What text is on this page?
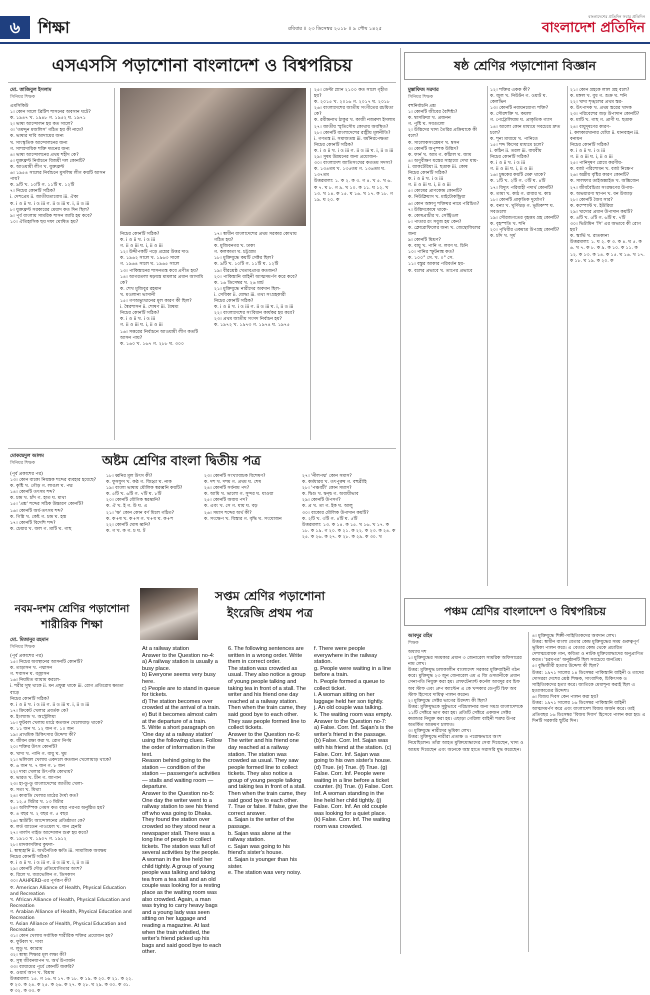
৬	শিক্ষা	রবিবার ॥ ২৩ ডিসেম্বর ২০১৮ ॥ ৯ পৌষ ১৪২৫
বাংলাদেশের প্রতিদিন সবার প্রতিদিন
বাংলাদেশ প্রতিদিন
এসএসসি পড়াশোনা বাংলাদেশ ও বিশ্বপরিচয়
মো. তাজিবুল ইসলাম
সিনিয়র শিক্ষক
এমসিকিউ
১। কোন সালে ব্রিটিশ শাসনের অবসান ঘটে?
ক. ১৯৪৭ খ. ১৯৪৮ গ. ১৯৫২ ঘ. ১৯৭১
২। ভাষা আন্দোলন হয় কত সালে?
৩। 'তমদ্দুন মজলিস' গঠিত হয় কী নামে?
ক. ভাষার দাবি আদায়ের জন্য
খ. সাংস্কৃতিক আন্দোলনের জন্য
গ. সাম্প্রদায়িক শক্তি দমনের জন্য
৪। ভাষা আন্দোলনের প্রথম শহীদ কে?
৫। যুক্তফ্রন্ট নির্বাচনে বিজয়ী দল কোনটি?
ক. আওয়ামী লীগ খ. যুক্তফ্রন্ট
৬। ১৯৫৪ সালের নির্বাচনে মুসলিম লীগ কয়টি আসন পায়?
ক. ৯টি খ. ১০টি গ. ১১টি ঘ. ১২টি
৭। নিচের কোনটি সঠিক?
i. দেশপ্রেম ii. জাতীয়তাবোধ iii. ঐক্য
ক. i ও ii খ. i ও iii গ. ii ও iii ঘ. i, ii ও iii
৮। যুক্তফ্রন্ট সরকারের মেয়াদ কত দিন ছিল?
৯। পূর্ব বাংলায় সামরিক শাসন জারি হয় কবে?
১০। ঐতিহাসিক ছয় দফা ঘোষিত হয়?
নিচের কোনটি সঠিক?
ক. i ও ii খ. i ও iii
গ. ii ও iii ঘ. i, ii ও iii
১২। উদ্দীপকটি পড়ে প্রশ্নের উত্তর দাও
ক. ১৯৬২ সালে খ. ১৯৬৩ সালে
গ. ১৯৬৪ সালে ঘ. ১৯৬৫ সালে
১৩। পাকিস্তানের শাসনতন্ত্র কবে প্রণীত হয়?
১৪। আগরতলা ষড়যন্ত্র মামলার প্রধান আসামি কে?
ক. শেখ মুজিবুর রহমান
খ. মওলানা ভাসানী
১৫। গণঅভ্যুত্থানের মূল কারণ কী ছিল?
i. স্বৈরশাসন ii. শোষণ iii. বৈষম্য
নিচের কোনটি সঠিক?
ক. i ও ii খ. i ও iii
গ. ii ও iii ঘ. i, ii ও iii
১৬। সত্তরের নির্বাচনে আওয়ামী লীগ কতটি আসন পায়?
ক. ১৬০ খ. ১৬৭ গ. ২৮৮ ঘ. ৩০০
১৭। স্বাধীন বাংলাদেশের প্রথম সরকার কোথায় গঠিত হয়?
ক. মুজিবনগর খ. ঢাকা
গ. কলকাতা ঘ. চট্টগ্রাম
১৮। মুক্তিযুদ্ধে কয়টি সেক্টর ছিল?
ক. ৯টি খ. ১০টি গ. ১১টি ঘ. ১২টি
১৯। বীরশ্রেষ্ঠ খেতাবপ্রাপ্ত কতজন?
২০। পাকিস্তানি বাহিনী আত্মসমর্পণ করে কবে?
ক. ১৬ ডিসেম্বর খ. ২৬ মার্চ
২১। মুক্তিযুদ্ধে নারীদের অবদান ছিল-
i. সেবিকা ii. যোদ্ধা iii. তথ্য সংগ্রহকারী
নিচের কোনটি সঠিক?
ক. i ও ii খ. i ও iii গ. ii ও iii ঘ. i, ii ও iii
২২। বাংলাদেশের সংবিধান কার্যকর হয় কবে?
২৩। প্রথম জাতীয় সংসদ নির্বাচন হয়?
ক. ১৯৭২ খ. ১৯৭৩ গ. ১৯৭৪ ঘ. ১৯৭৫
২৫। ডেল্টা প্ল্যান ২১০০ কত সালে গৃহীত হয়?
ক. ২০১৫ খ. ২০১৬ গ. ২০১৭ ঘ. ২০১৮
২৬। বাংলাদেশের জাতীয় সংগীতের রচয়িতা কে?
ক. রবীন্দ্রনাথ ঠাকুর খ. কাজী নজরুল ইসলাম
২৭। জাতীয় স্মৃতিসৌধ কোথায় অবস্থিত?
২৮। কোনটি বাংলাদেশের রাষ্ট্রীয় মূলনীতি?
i. গণতন্ত্র ii. সমাজতন্ত্র iii. ধর্মনিরপেক্ষতা
নিচের কোনটি সঠিক?
ক. i ও ii খ. i ও iii গ. ii ও iii ঘ. i, ii ও iii
২৯। সুষম উন্নয়নের জন্য প্রয়োজন-
৩০। বাংলাদেশ জাতিসংঘের কততম সদস্য?
ক. ১৩৪তম খ. ১৩৫তম গ. ১৩৬তম ঘ. ১৩৭তম
উত্তরমালা: ১. ক ২. ক ৩. গ ৪. খ ৫. খ ৬. ক ৭. ঘ ৮. গ ৯. খ ১০. ক ১১. ঘ ১২. খ ১৩. খ ১৪. ক ১৫. ঘ ১৬. খ ১৭. ক ১৮. গ ১৯. ঘ ২০. ক
ষষ্ঠ শ্রেণির পড়াশোনা বিজ্ঞান
মুস্তাফিজ সরদার
সিনিয়র শিক্ষক
বহুনির্বাচনি প্রশ্ন
১। কোনটি জীবের বৈশিষ্ট্য?
ক. শ্বাসক্রিয়া খ. প্রজনন
গ. পুষ্টি ঘ. সবগুলো
২। উদ্ভিদের খাদ্য তৈরির প্রক্রিয়াকে কী বলে?
ক. সালোকসংশ্লেষণ খ. শ্বসন
৩। কোনটি অপুষ্পক উদ্ভিদ?
ক. ফার্ন খ. আম গ. কাঁঠাল ঘ. জাম
৪। অণুবীক্ষণ যন্ত্রের সাহায্যে দেখা যায়-
i. ব্যাকটেরিয়া ii. ছত্রাক iii. কোষ
নিচের কোনটি সঠিক?
ক. i ও ii খ. i ও iii
গ. ii ও iii ঘ. i, ii ও iii
৫। কোষের প্রাণকেন্দ্র কোনটি?
ক. নিউক্লিয়াস খ. মাইটোকন্ড্রিয়া
৬। কোন অঙ্গাণু শক্তিঘর নামে পরিচিত?
৭। উদ্ভিদকোষে থাকে-
ক. কোষপ্রাচীর খ. সেন্ট্রিওল
৮। পাতার রং সবুজ হয় কেন?
ক. ক্লোরোফিলের জন্য খ. জেন্থোফিলের জন্য
৯। কোনটি মিশ্রণ?
ক. বায়ু খ. পানি গ. লবণ ঘ. চিনি
১০। পানির স্ফুটনাঙ্ক কত?
ক. ১০০° সে. খ. ০° সে.
১১। বস্তুর আকার পরিবর্তন হয়-
ক. বলের প্রভাবে খ. তাপের প্রভাবে
১২। শক্তির একক কী?
ক. জুল খ. নিউটন গ. ওয়াট ঘ. কেলভিন
১৩। কোনটি নবায়নযোগ্য শক্তি?
ক. সৌরশক্তি খ. কয়লা
গ. পেট্রোলিয়াম ঘ. প্রাকৃতিক গ্যাস
১৪। আলো কোন মাধ্যমে সবচেয়ে দ্রুত চলে?
ক. শূন্য মাধ্যমে খ. পানিতে
১৫। শব্দ কিসের মাধ্যমে চলে?
i. কঠিন ii. তরল iii. বায়বীয়
নিচের কোনটি সঠিক?
ক. i ও ii খ. i ও iii
গ. ii ও iii ঘ. i, ii ও iii
১৬। চুম্বকের কয়টি মেরু থাকে?
ক. ১টি খ. ২টি গ. ৩টি ঘ. ৪টি
১৭। বিদ্যুৎ পরিবাহী পদার্থ কোনটি?
ক. তামা খ. কাঠ গ. রাবার ঘ. কাচ
১৮। কোনটি প্রাকৃতিক দুর্যোগ?
ক. বন্যা খ. ঘূর্ণিঝড় গ. ভূমিকম্প ঘ. সবগুলো
১৯। সৌরজগতের বৃহত্তম গ্রহ কোনটি?
ক. বৃহস্পতি খ. শনি
২০। পৃথিবীর একমাত্র উপগ্রহ কোনটি?
ক. চাঁদ খ. সূর্য
২১। কোন গ্রহকে লাল গ্রহ বলে?
ক. মঙ্গল খ. বুধ গ. শুক্র ঘ. শনি
২২। খাদ্য শৃঙ্খলের প্রথম স্তর-
ক. উৎপাদক খ. প্রথম স্তরের খাদক
২৩। পরিবেশের জড় উপাদান কোনটি?
ক. মাটি খ. গাছ গ. প্রাণী ঘ. ছত্রাক
২৪। বায়ুদূষণের কারণ-
i. কলকারখানার ধোঁয়া ii. যানবাহন iii. বনায়ন
নিচের কোনটি সঠিক?
ক. i ও ii খ. i ও iii
গ. ii ও iii ঘ. i, ii ও iii
২৫। পানিদূষণ রোধে করণীয়-
ক. বর্জ্য পরিশোধন খ. বর্জ্য নিক্ষেপ
২৬। অম্লীয় বৃষ্টির কারণ কোনটি?
ক. সালফার ডাইঅক্সাইড খ. অক্সিজেন
২৭। জীববৈচিত্র্য সংরক্ষণের উপায়-
ক. অভয়ারণ্য স্থাপন খ. বন উজাড়
২৮। কোনটি জৈব সার?
ক. কম্পোস্ট খ. ইউরিয়া
২৯। খাদ্যের প্রধান উপাদান কয়টি?
ক. ৪টি খ. ৫টি গ. ৬টি ঘ. ৭টি
৩০। ভিটামিন 'সি' এর অভাবে কী রোগ হয়?
ক. স্কার্ভি খ. রাতকানা
উত্তরমালা: ১. ঘ ২. ক ৩. ক ৪. ঘ ৫. ক ৬. খ ৭. ক ৮. ক ৯. ক ১০. ক ১১. ক ১২. ক ১৩. ক ১৪. ক ১৫. ঘ ১৬. খ ১৭. ক ১৮. ঘ ১৯. ক ২০. ক
মোকছেদুল আলম
সিনিয়র শিক্ষক	অষ্টম শ্রেণির বাংলা দ্বিতীয় পত্র
(পূর্ব প্রকাশের পর)
১৩। কোন বাক্যে নিয়ন্ত্রক শব্দের ব্যবহার হয়েছে?
ক. কৃষ্টি খ. গৌড় গ. লাঙল ঘ. পদ্ম
১৪। কোনটি তৎসম শব্দ?
ক. চন্দ্র খ. চাঁদ গ. হাত ঘ. মাথা
১৫। 'প্রশ্ন' শব্দের সঠিক উচ্চারণ কোনটি?
১৬। কোনটি অর্ধ-তৎসম শব্দ?
ক. গিন্নি খ. কেষ্ট গ. চন্দ্র ঘ. হস্ত
১৭। কোনটি বিদেশি শব্দ?
ক. চেয়ার খ. জল গ. মাটি ঘ. গাছ
১৮। ধ্বনির মূল উৎস কী?
ক. ফুসফুস খ. কণ্ঠ গ. জিহ্বা ঘ. নাক
১৯। বাংলা ভাষায় মৌলিক স্বরধ্বনি কয়টি?
ক. ৫টি খ. ৬টি গ. ৭টি ঘ. ৮টি
২০। কোনটি যৌগিক স্বরধ্বনি?
ক. ঐ খ. ই গ. উ ঘ. এ
২১। 'ক্ষ' কোন কোন বর্ণ মিলে গঠিত?
ক. ক+ষ খ. ক+স গ. খ+য ঘ. ক+শ
২২। কোনটি ঘোষ ধ্বনি?
ক. গ খ. ক গ. চ ঘ. ট
২৩। কোনটি সংখ্যাবাচক বিশেষণ?
ক. দশ খ. দশম গ. প্রথম ঘ. শেষ
২৪। কোনটি সর্বনাম পদ?
ক. আমি খ. ভালো গ. সুন্দর ঘ. যাওয়া
২৫। কোনটি অব্যয় পদ?
ক. এবং খ. সে গ. যায় ঘ. বড়
২৬। সমাস শব্দের অর্থ কী?
ক. সংক্ষেপ খ. বিস্তার গ. বৃদ্ধি ঘ. সংযোজন
২৭। 'নীলপদ্ম' কোন সমাস?
ক. কর্মধারয় খ. তৎপুরুষ গ. বহুব্রীহি
২৮। 'পঞ্চবটী' কোন সমাস?
ক. দ্বিগু খ. দ্বন্দ্ব গ. অব্যয়ীভাব
২৯। কোনটি উপসর্গ?
ক. প্র খ. তা গ. ইক ঘ. আলু
৩০। বাক্যের মৌলিক উপাদান কয়টি?
ক. ২টি খ. ৩টি গ. ৪টি ঘ. ৫টি
উত্তরমালা: ১৩. ক ১৪. ক ১৫. খ ১৬. খ ১৭. ক ১৮. ক ১৯. গ ২০. ক ২১. ক ২২. ক ২৩. ক ২৪. ক ২৫. ক ২৬. ক ২৭. ক ২৮. ক ২৯. ক ৩০. খ
সপ্তম শ্রেণির পড়াশোনা ইংরেজি প্রথম পত্র
At a railway station
Answer to the Question no-4:
a) A railway station is usually a busy place.
b) Everyone seems very busy here.
c) People are to stand in queue for tickets.
d) The station becomes over crowded at the arrival of a train.
e) But it becomes almost calm at the departure of a train.
5. Write a short paragraph on 'One day at a railway station' using the following clues. Follow the order of information in the text.
Reason behind going to the station — condition of the station — passenger's activities — stalls and waiting room — departure.
Answer to the Question no-5:
One day the writer went to a railway station to see his friend off who was going to Dhaka. They found the station over crowded so they stood near a newspaper stall. There was a long line of people to collect tickets. The station was full of several activities by the people. A woman in the line held her child tightly. A group of young people was talking and taking tea from a tea stall and an old couple was looking for a resting place as the waiting room was also crowded. Again, a man was trying to carry heavy bags and a young lady was seen sitting on her luggage and reading a magazine. At last when the train whistled, the writer's friend picked up his bags and said good bye to each other.
6. The following sentences are written in a wrong order. Write them in correct order.
The station was crowded as usual. They also notice a group of young people talking and taking tea in front of a stall. The writer and his friend one day reached at a railway station. Then when the train came, they said good bye to each other. They saw people formed line to collect tickets.
Answer to the Question no-6:
The writer and his friend one day reached at a railway station. The station was crowded as usual. They saw people formed line to collect tickets. They also notice a group of young people talking and taking tea in front of a stall. Then when the train came, they said good bye to each other.
7. True or false. If false, give the correct answer.
a. Sajan is the writer of the passage.
b. Sajan was alone at the railway station.
c. Sajan was going to his friend's sister's house.
d. Sajan is younger than his sister.
e. The station was very noisy.
f. There were people everywhere in the railway station.
g. People were waiting in a line before a train.
h. People formed a queue to collect ticket.
i. A woman sitting on her luggage held her son tightly.
j. An old couple was talking.
k. The waiting room was empty.
Answer to the Question no-7:
a) False. Corr. Inf. Sajan's is the writer's friend in the passage. (b) False. Corr. Inf. Sajan was with his friend at the station. (c) False. Corr. Inf. Sajan was going to his own sister's house. (d) True. (e) True. (f) True. (g) False. Corr. Inf. People were waiting in a line before a ticket counter. (h) True. (i) False. Corr. Inf. A woman standing in the line held her child tightly. (j) False. Corr. Inf. An old couple was looking for a quiet place. (k) False. Corr. Inf. The waiting room was crowded.
নবম-দশম শ্রেণির পড়াশোনা
শারীরিক শিক্ষা
মো. মিজানুর রহমান
সিনিয়র শিক্ষক
(পূর্ব প্রকাশের পর)
১৫। নিচের অবস্থানের আসনটি কোনটি?
ক. তাড়াসন খ. পদ্মাসন
গ. শবাসন ঘ. বজ্রাসন
১৬। নিয়মিত ব্যায়াম করলে-
i. শরীর সুস্থ থাকে ii. মন প্রফুল্ল থাকে iii. রোগ প্রতিরোধ ক্ষমতা বাড়ে
নিচের কোনটি সঠিক?
ক. i ও ii খ. i ও iii গ. ii ও iii ঘ. i, ii ও iii
১৭। ক্রিকেট খেলার প্রবর্তক কে?
ক. ইংল্যান্ড খ. অস্ট্রেলিয়া
১৮। ফুটবল খেলায় মাঠে কতজন খেলোয়াড় থাকে?
ক. ১১ জন খ. ১২ জন গ. ১০ জন
১৯। প্রাথমিক চিকিৎসার উদ্দেশ্য কী?
ক. জীবন রক্ষা করা খ. রোগ নির্ণয়
২০। শক্তির উৎস কোনটি?
ক. খাদ্য খ. পানি গ. বায়ু ঘ. ঘুম
২১। ভলিবল খেলায় একদলে কতজন খেলোয়াড় থাকে?
ক. ৬ জন খ. ৭ জন গ. ৮ জন
২২। দাবা খেলার উৎপত্তি কোথায়?
ক. ভারত খ. চীন গ. জাপান
২৩। হা-ডু-ডু বাংলাদেশের জাতীয় খেলা-
ক. সত্য খ. মিথ্যা
২৪। কাবাডি খেলার মাঠের দৈর্ঘ্য কত?
ক. ১২.৫ মিটার খ. ১৩ মিটার
২৫। অলিম্পিক গেমস কত বছর পরপর অনুষ্ঠিত হয়?
ক. ৪ বছর খ. ২ বছর গ. ৫ বছর
২৬। স্কাউটিং আন্দোলনের প্রতিষ্ঠাতা কে?
ক. লর্ড ব্যাডেন পাওয়েল খ. জন হেনরি
২৭। গার্লস গাইড আন্দোলন শুরু হয় কবে?
ক. ১৯১০ খ. ১৯০৭ গ. ১৯১২
২৮। মাদকাসক্তির কুফল-
i. স্বাস্থ্যহানি ii. অর্থনৈতিক ক্ষতি iii. সামাজিক অবক্ষয়
নিচের কোনটি সঠিক?
ক. i ও ii খ. i ও iii গ. ii ও iii ঘ. i, ii ও iii
২৯। কোনটি দৌড় প্রতিযোগিতার অংশ?
ক. রিলে খ. জ্যাভেলিন গ. ডিসকাস
৩০। AAHPERD-এর পূর্ণরূপ কী?
ক. American Alliance of Health, Physical Education and Recreation
খ. African Alliance of Health, Physical Education and Recreation
গ. Arabian Alliance of Health, Physical Education and Recreation
ঘ. Asian Alliance of Health, Physical Education and Recreation
৩১। কোন খেলায় সর্বাধিক শারীরিক শক্তির প্রয়োজন হয়?
ক. ফুটবল খ. দাবা
গ. লুডু ঘ. ক্যারাম
৩২। স্বাস্থ্য শিক্ষার মূল লক্ষ্য কী?
ক. সুস্থ জীবনযাপন খ. অর্থ উপার্জন
৩৩। ব্যায়ামের পূর্বে কোনটি জরুরি?
ক. ওয়ার্ম আপ খ. বিশ্রাম
উত্তরমালা: ১৫. গ ১৬. ঘ ১৭. ক ১৮. ক ১৯. ক ২০. ক ২১. ক ২২. ক ২৩. ক ২৪. ক ২৫. ক ২৬. ক ২৭. ক ২৮. ঘ ২৯. ক ৩০. ক ৩১. ক ৩২. ক ৩৩. ক
পঞ্চম শ্রেণির বাংলাদেশ ও বিশ্বপরিচয়
আবদুর রহিম
শিক্ষক
অধ্যায় দশ
১। মুক্তিযুদ্ধের সময়কার প্রধান ৩ জেনারেল সামরিক অফিসারের নাম লেখ।
উত্তর: মুক্তিযুদ্ধ চলাকালীন বাংলাদেশ সরকার মুক্তিবাহিনী গঠন করে। মুক্তিযুদ্ধ ২৩ জুন জেনারেল এম এ জি ওসমানীকে প্রধান সেনাপতি নিযুক্ত করা হয়। লেফটেন্যান্ট কর্নেল আবদুর রব চিফ অব স্টাফ এবং গ্রুপ ক্যাপ্টেন এ কে খন্দকার ডেপুটি চিফ অব স্টাফ হিসেবে দায়িত্ব পালন করেন।
২। মুক্তিযুদ্ধে সেক্টর ভাগের উদ্দেশ্য কী ছিল?
উত্তর: মুক্তিযুদ্ধকে সুষ্ঠুভাবে পরিচালনার জন্য সমগ্র বাংলাদেশকে ১১টি সেক্টরে ভাগ করা হয়। প্রতিটি সেক্টরে একজন সেক্টর কমান্ডার নিযুক্ত করা হয়। এছাড়া গেরিলা বাহিনী শত্রুর উপর অতর্কিত আক্রমণ চালাত।
৩। মুক্তিযুদ্ধে নারীদের ভূমিকা লেখ।
উত্তর: মুক্তিযুদ্ধে নারীরা প্রত্যক্ষ ও পরোক্ষভাবে অংশ নিয়েছিলেন। তাঁরা আহত মুক্তিযোদ্ধাদের সেবা দিয়েছেন, খাদ্য ও আশ্রয় দিয়েছেন এবং অনেকে অস্ত্র হাতে সরাসরি যুদ্ধ করেছেন।
৪। মুক্তিযুদ্ধে শিল্পী-সাহিত্যিকদের অবদান লেখ।
উত্তর: স্বাধীন বাংলা বেতার কেন্দ্র মুক্তিযুদ্ধের সময় গুরুত্বপূর্ণ ভূমিকা পালন করে। এ বেতার কেন্দ্র থেকে প্রচারিত দেশাত্মবোধক গান, কবিতা ও নাটক মুক্তিযোদ্ধাদের অনুপ্রাণিত করত। 'চরমপত্র' অনুষ্ঠানটি ছিল সবচেয়ে জনপ্রিয়।
৫। বুদ্ধিজীবী হত্যার উদ্দেশ্য কী ছিল?
উত্তর: ১৯৭১ সালের ১৪ ডিসেম্বর পাকিস্তানি বাহিনী ও তাদের দোসররা দেশের শ্রেষ্ঠ শিক্ষক, সাংবাদিক, চিকিৎসক ও সাহিত্যিকদের হত্যা করে। জাতিকে মেধাশূন্য করাই ছিল এ হত্যাকাণ্ডের উদ্দেশ্য।
৬। বিজয় দিবস কেন পালন করা হয়?
উত্তর: ১৯৭১ সালের ১৬ ডিসেম্বর পাকিস্তানি বাহিনী আত্মসমর্পণ করে এবং বাংলাদেশ বিজয় অর্জন করে। তাই প্রতিবছর ১৬ ডিসেম্বর 'বিজয় দিবস' হিসেবে পালন করা হয়। এ দিনটি সরকারি ছুটির দিন।
